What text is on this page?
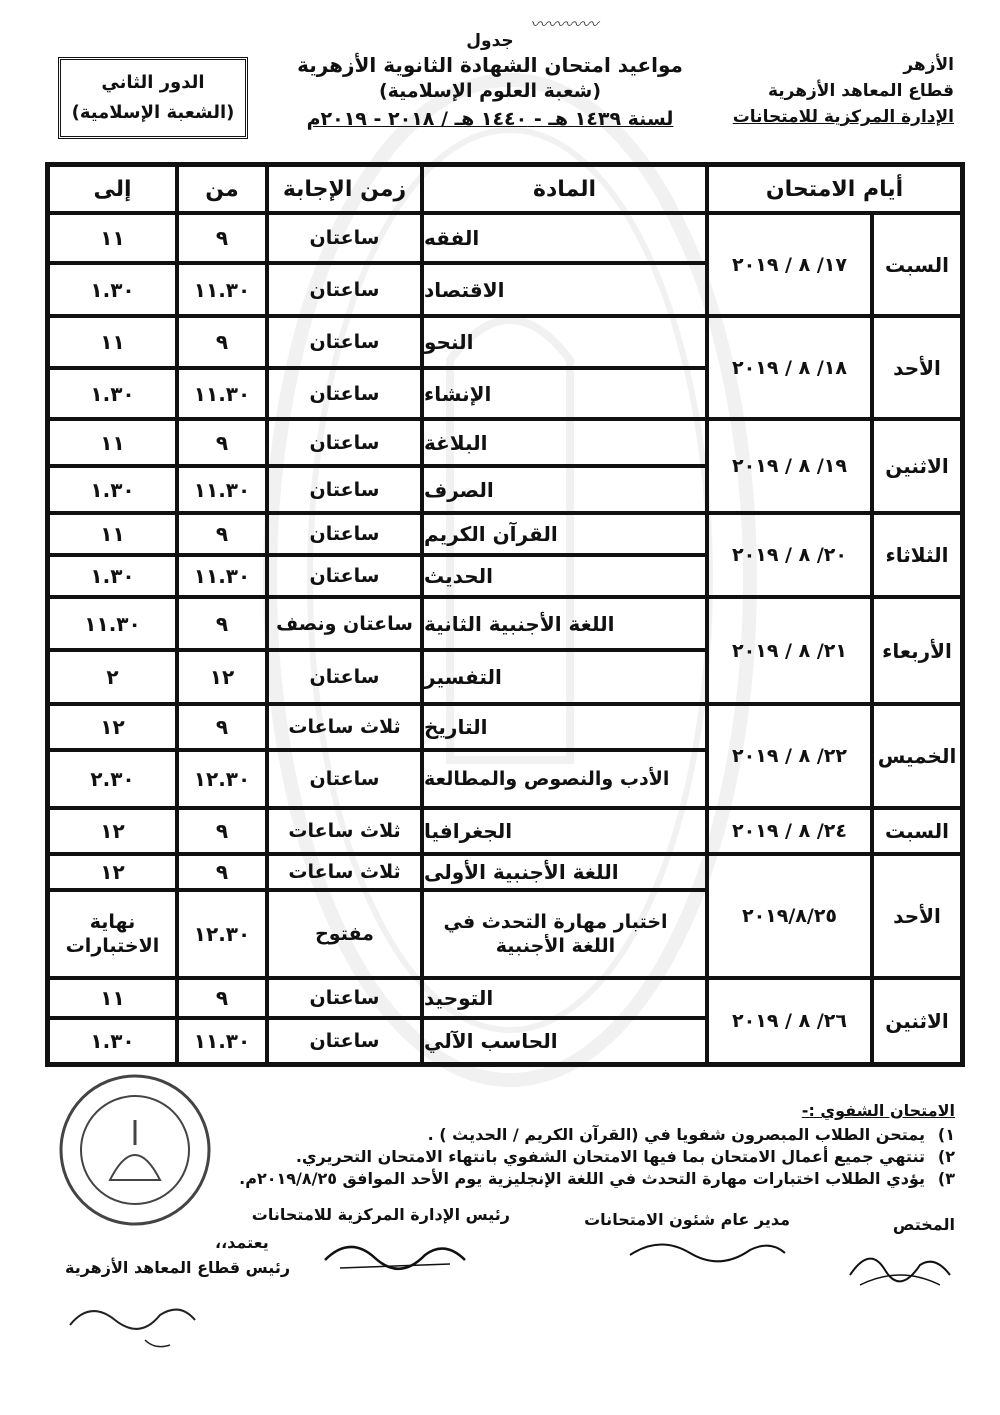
〰〰〰〰
الأزهر
قطاع المعاهد الأزهرية
الإدارة المركزية للامتحانات
جدول
مواعيد امتحان الشهادة الثانوية الأزهرية
(شعبة العلوم الإسلامية)
لسنة ١٤٣٩ هـ - ١٤٤٠ هـ / ٢٠١٨ - ٢٠١٩م
الدور الثاني
(الشعبة الإسلامية)
أيام الامتحان
المادة
زمن الإجابة
من
إلى
السبت
١٧/ ٨ / ٢٠١٩
الفقه
ساعتان
٩
١١
الاقتصاد
ساعتان
١١.٣٠
١.٣٠
الأحد
١٨/ ٨ / ٢٠١٩
النحو
ساعتان
٩
١١
الإنشاء
ساعتان
١١.٣٠
١.٣٠
الاثنين
١٩/ ٨ / ٢٠١٩
البلاغة
ساعتان
٩
١١
الصرف
ساعتان
١١.٣٠
١.٣٠
الثلاثاء
٢٠/ ٨ / ٢٠١٩
القرآن الكريم
ساعتان
٩
١١
الحديث
ساعتان
١١.٣٠
١.٣٠
الأربعاء
٢١/ ٨ / ٢٠١٩
اللغة الأجنبية الثانية
ساعتان ونصف
٩
١١.٣٠
التفسير
ساعتان
١٢
٢
الخميس
٢٢/ ٨ / ٢٠١٩
التاريخ
ثلاث ساعات
٩
١٢
الأدب والنصوص والمطالعة
ساعتان
١٢.٣٠
٢.٣٠
السبت
٢٤/ ٨ / ٢٠١٩
الجغرافيا
ثلاث ساعات
٩
١٢
الأحد
٢٠١٩/٨/٢٥
اللغة الأجنبية الأولى
ثلاث ساعات
٩
١٢
اختبار مهارة التحدث في اللغة الأجنبية
مفتوح
١٢.٣٠
نهاية الاختبارات
الاثنين
٢٦/ ٨ / ٢٠١٩
التوحيد
ساعتان
٩
١١
الحاسب الآلي
ساعتان
١١.٣٠
١.٣٠
الامتحان الشفوي :-
١)
يمتحن الطلاب المبصرون شفويا في (القرآن الكريم / الحديث ) .
٢)
تنتهي جميع أعمال الامتحان بما فيها الامتحان الشفوي بانتهاء الامتحان التحريري.
٣)
يؤدي الطلاب اختبارات مهارة التحدث في اللغة الإنجليزية يوم الأحد الموافق ٢٠١٩/٨/٢٥م.
المختص
مدير عام شئون الامتحانات
رئيس الإدارة المركزية للامتحانات
يعتمد،،
رئيس قطاع المعاهد الأزهرية
